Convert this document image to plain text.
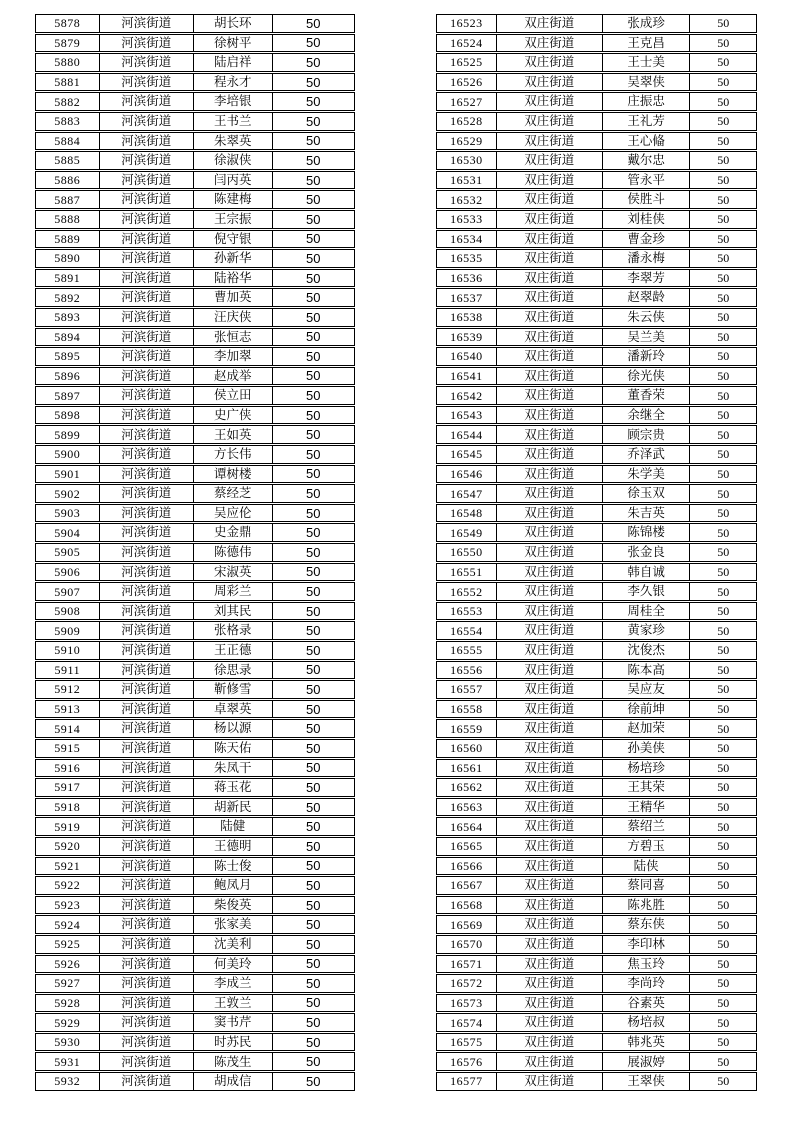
5878	河滨街道	胡长环	50
5879	河滨街道	徐树平	50
5880	河滨街道	陆启祥	50
5881	河滨街道	程永才	50
5882	河滨街道	李培银	50
5883	河滨街道	王书兰	50
5884	河滨街道	朱翠英	50
5885	河滨街道	徐淑侠	50
5886	河滨街道	闫丙英	50
5887	河滨街道	陈建梅	50
5888	河滨街道	王宗振	50
5889	河滨街道	倪守银	50
5890	河滨街道	孙新华	50
5891	河滨街道	陆裕华	50
5892	河滨街道	曹加英	50
5893	河滨街道	汪庆侠	50
5894	河滨街道	张恒志	50
5895	河滨街道	李加翠	50
5896	河滨街道	赵成举	50
5897	河滨街道	侯立田	50
5898	河滨街道	史广侠	50
5899	河滨街道	王如英	50
5900	河滨街道	方长伟	50
5901	河滨街道	谭树楼	50
5902	河滨街道	蔡经芝	50
5903	河滨街道	吴应伦	50
5904	河滨街道	史金鼎	50
5905	河滨街道	陈德伟	50
5906	河滨街道	宋淑英	50
5907	河滨街道	周彩兰	50
5908	河滨街道	刘其民	50
5909	河滨街道	张格录	50
5910	河滨街道	王正德	50
5911	河滨街道	徐思录	50
5912	河滨街道	靳修雪	50
5913	河滨街道	卓翠英	50
5914	河滨街道	杨以源	50
5915	河滨街道	陈天佑	50
5916	河滨街道	朱凤干	50
5917	河滨街道	蒋玉花	50
5918	河滨街道	胡新民	50
5919	河滨街道	陆健	50
5920	河滨街道	王德明	50
5921	河滨街道	陈士俊	50
5922	河滨街道	鲍凤月	50
5923	河滨街道	柴俊英	50
5924	河滨街道	张家美	50
5925	河滨街道	沈美利	50
5926	河滨街道	何美玲	50
5927	河滨街道	李成兰	50
5928	河滨街道	王敦兰	50
5929	河滨街道	窦书芹	50
5930	河滨街道	时苏民	50
5931	河滨街道	陈茂生	50
5932	河滨街道	胡成信	50
16523	双庄街道	张成珍	50
16524	双庄街道	王克昌	50
16525	双庄街道	王士美	50
16526	双庄街道	吴翠侠	50
16527	双庄街道	庄振忠	50
16528	双庄街道	王礼芳	50
16529	双庄街道	王心偹	50
16530	双庄街道	戴尔忠	50
16531	双庄街道	管永平	50
16532	双庄街道	侯胜斗	50
16533	双庄街道	刘桂侠	50
16534	双庄街道	曹金珍	50
16535	双庄街道	潘永梅	50
16536	双庄街道	李翠芳	50
16537	双庄街道	赵翠龄	50
16538	双庄街道	朱云侠	50
16539	双庄街道	吴兰美	50
16540	双庄街道	潘新玲	50
16541	双庄街道	徐光侠	50
16542	双庄街道	董香荣	50
16543	双庄街道	余继全	50
16544	双庄街道	顾宗贵	50
16545	双庄街道	乔泽武	50
16546	双庄街道	朱学美	50
16547	双庄街道	徐玉双	50
16548	双庄街道	朱吉英	50
16549	双庄街道	陈锦楼	50
16550	双庄街道	张金良	50
16551	双庄街道	韩自诚	50
16552	双庄街道	李久银	50
16553	双庄街道	周桂全	50
16554	双庄街道	黄家珍	50
16555	双庄街道	沈俊杰	50
16556	双庄街道	陈本高	50
16557	双庄街道	吴应友	50
16558	双庄街道	徐前坤	50
16559	双庄街道	赵加荣	50
16560	双庄街道	孙美侠	50
16561	双庄街道	杨培珍	50
16562	双庄街道	王其荣	50
16563	双庄街道	王精华	50
16564	双庄街道	蔡绍兰	50
16565	双庄街道	方碧玉	50
16566	双庄街道	陆侠	50
16567	双庄街道	蔡同喜	50
16568	双庄街道	陈兆胜	50
16569	双庄街道	蔡东侠	50
16570	双庄街道	李印林	50
16571	双庄街道	焦玉玲	50
16572	双庄街道	李尚玲	50
16573	双庄街道	谷素英	50
16574	双庄街道	杨培叔	50
16575	双庄街道	韩兆英	50
16576	双庄街道	展淑婷	50
16577	双庄街道	王翠侠	50
